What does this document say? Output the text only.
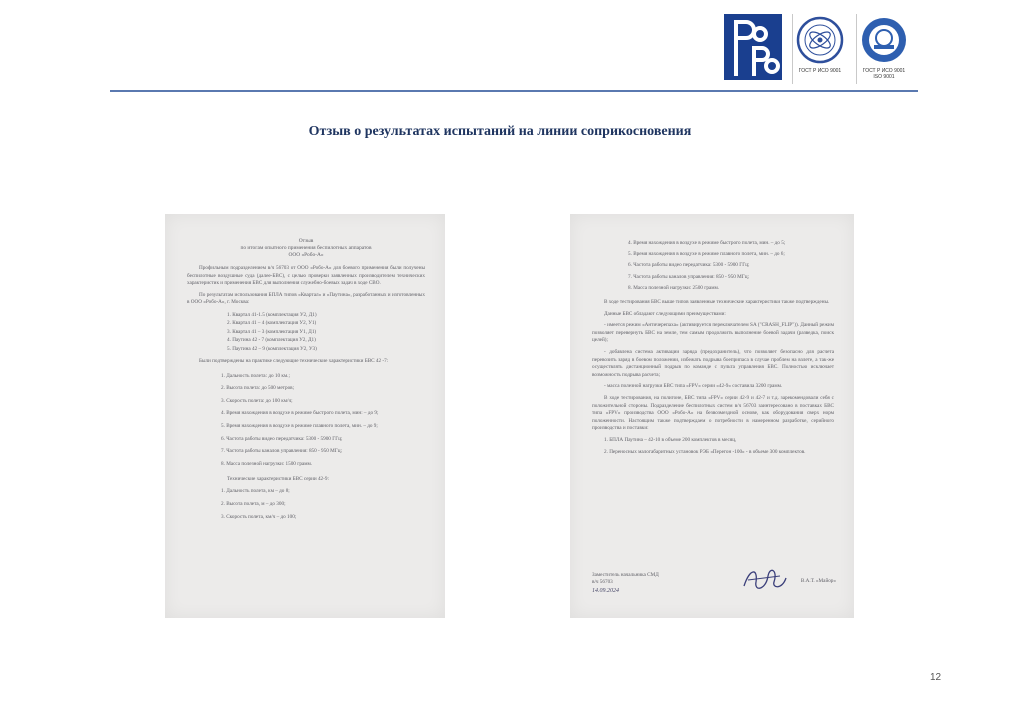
ГОСТ Р ИСО 9001	ГОСТ Р ИСО 9001
ISO 9001
Отзыв о результатах испытаний на линии соприкосновения
Отзыв
по итогам опытного применения беспилотных аппаратов
ООО «Робо-А»

Профильным подразделением в/ч 56703 от ООО «Робо-А» для боевого применения были получены беспилотные воздушные суда (далее-БВС), с целью проверки заявленных производителем технических характеристик и применения БВС для выполнения служебно-боевых задач в ходе СВО.

По результатам использования БПЛА типов «Квартал» и «Паутина», разработанных и изготовленных в ООО «Робо-А», г. Москва:

1. Квартал 41-1.5 (комплектация У2, Д1)
2. Квартал 41 – 4 (комплектация У2, У1)
3. Квартал 41 – 3 (комплектация У1, Д1)
4. Паутина 42 - 7 (комплектация У2, Д1)
5. Паутина 42 – 9 (комплектация У2, У3)

Были подтверждены на практике следующие технические характеристики БВС 42 -7:

1. Дальность полета: до 10 км.;
2. Высота полета: до 500 метров;
3. Скорость полета: до 100 км/ч;
4. Время нахождения в воздухе в режиме быстрого полета, мин: – до 9;
5. Время нахождения в воздухе в режиме плавного полета, мин. – до 9;
6. Частота работы видео передатчика: 5300 - 5900 ГГц;
7. Частота работы каналов управления: 850 - 950 МГц;
8. Масса полезной нагрузки: 1500 грамм.
Технические характеристики БВС серии 42-9:
1. Дальность полета, км – до 8;
2. Высота полета, м – до 300;
3. Скорость полета, км/ч – до 100;
4. Время нахождения в воздухе в режиме быстрого полета, мин. – до 5;
5. Время нахождения в воздухе в режиме плавного полета, мин. – до 6;
6. Частота работы видео передатчика: 5300 - 5900 ГГц;
7. Частота работы каналов управления: 850 - 950 МГц;
8. Масса полезной нагрузки: 2500 грамм.

В ходе тестирования БВС выше типов заявленные технические характеристики также подтверждены.

Данные БВС обладают следующими преимуществами:

- имеется режим «Античерепаха» (активируется переключателем SA ("CRASH_FLIP")). Данный режим позволяет перевернуть БВС на земле, тем самым продолжить выполнение боевой задачи (разведка, поиск целей);

- добавлена система активации заряда (предохранитель), что позволяет безопасно для расчета перевозить заряд в боевом положении, избежать подрыва боеприпаса в случае проблем на взлете, а так-же осуществлять дистанционный подрыв по команде с пульта управления БВС. Полностью исключает возможность подрыва расчета;

- масса полезной нагрузки БВС типа «FPV» серии «42-9» составила 3200 грамм.

В ходе тестирования, на полигоне, БВС типа «FPV» серии 42-9 и 42-7 и т.д. зарекомендовали себя с положительной стороны. Подразделение беспилотных систем в/ч 56703 заинтересовано в поставках БВС типа «FPV» производства ООО «Робо-А» на безвозмездной основе, как оборудования сверх норм положенности. Настоящим также подтверждаем о потребности в намеренном разработке, серийного производства и поставки:

1. БПЛА Паутина – 42-10 в объеме 200 комплектов в месяц,

2. Переносных малогабаритных установок РЭБ «Перегон -100» - в объеме 300 комплектов.

Заместитель начальника СМД
в/ч 56703
14.09.2024
В.А.Т. «Майор»
12
